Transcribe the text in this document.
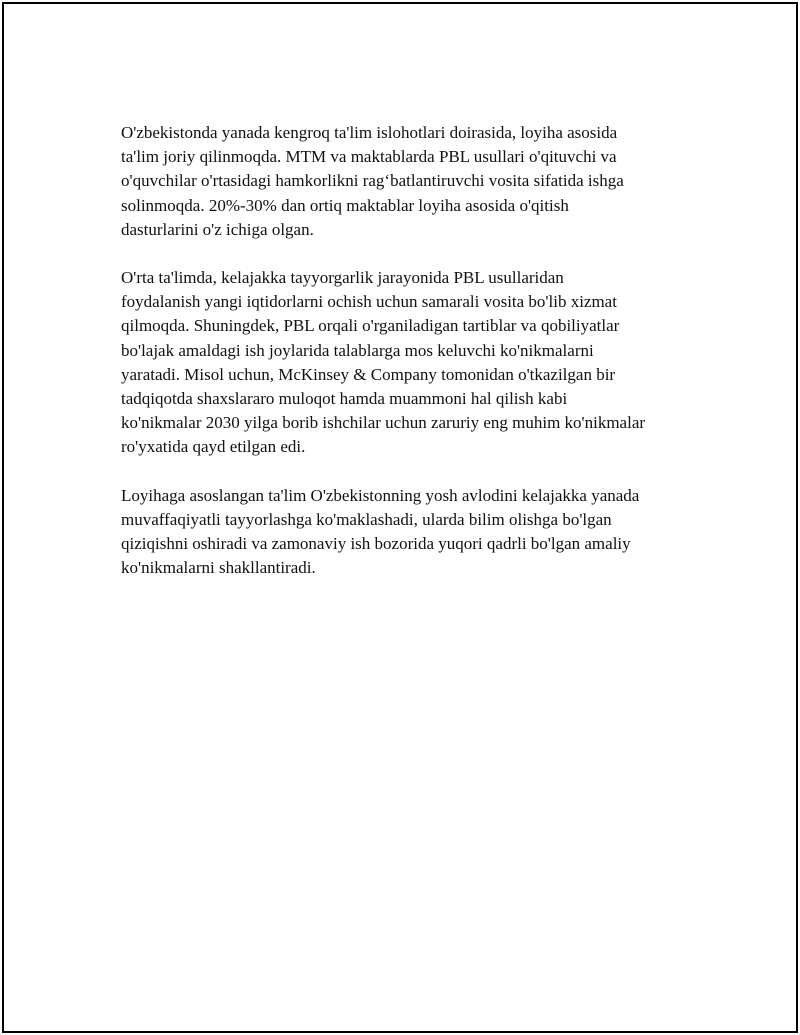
O'zbekistonda yanada kengroq ta'lim islohotlari doirasida, loyiha asosida
ta'lim joriy qilinmoqda. MTM va maktablarda PBL usullari o'qituvchi va
o'quvchilar o'rtasidagi hamkorlikni rag‘batlantiruvchi vosita sifatida ishga
solinmoqda. 20%-30% dan ortiq maktablar loyiha asosida o'qitish
dasturlarini o'z ichiga olgan.

O'rta ta'limda, kelajakka tayyorgarlik jarayonida PBL usullaridan
foydalanish yangi iqtidorlarni ochish uchun samarali vosita bo'lib xizmat
qilmoqda. Shuningdek, PBL orqali o'rganiladigan tartiblar va qobiliyatlar
bo'lajak amaldagi ish joylarida talablarga mos keluvchi ko'nikmalarni
yaratadi. Misol uchun, McKinsey & Company tomonidan o'tkazilgan bir
tadqiqotda shaxslararo muloqot hamda muammoni hal qilish kabi
ko'nikmalar 2030 yilga borib ishchilar uchun zaruriy eng muhim ko'nikmalar
ro'yxatida qayd etilgan edi.

Loyihaga asoslangan ta'lim O'zbekistonning yosh avlodini kelajakka yanada
muvaffaqiyatli tayyorlashga ko'maklashadi, ularda bilim olishga bo'lgan
qiziqishni oshiradi va zamonaviy ish bozorida yuqori qadrli bo'lgan amaliy
ko'nikmalarni shakllantiradi.
